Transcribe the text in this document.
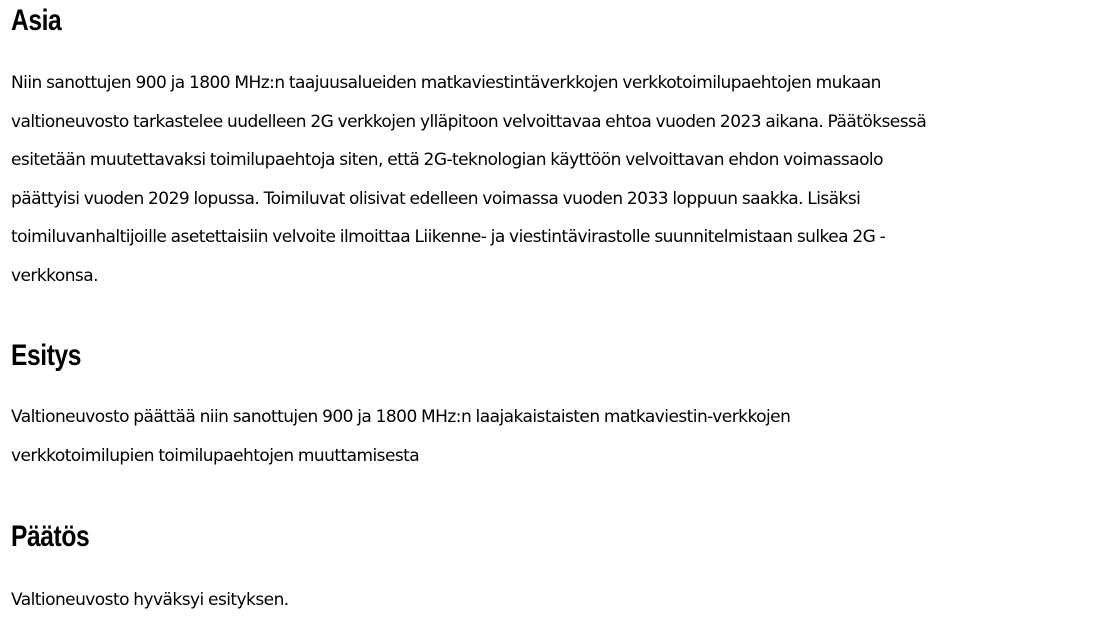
Asia
Niin sanottujen 900 ja 1800 MHz:n taajuusalueiden matkaviestintäverkkojen verkkotoimilupaehtojen mukaan
valtioneuvosto tarkastelee uudelleen 2G verkkojen ylläpitoon velvoittavaa ehtoa vuoden 2023 aikana. Päätöksessä
esitetään muutettavaksi toimilupaehtoja siten, että 2G-teknologian käyttöön velvoittavan ehdon voimassaolo
päättyisi vuoden 2029 lopussa. Toimiluvat olisivat edelleen voimassa vuoden 2033 loppuun saakka. Lisäksi
toimiluvanhaltijoille asetettaisiin velvoite ilmoittaa Liikenne- ja viestintävirastolle suunnitelmistaan sulkea 2G -
verkkonsa.
Esitys
Valtioneuvosto päättää niin sanottujen 900 ja 1800 MHz:n laajakaistaisten matkaviestin-verkkojen
verkkotoimilupien toimilupaehtojen muuttamisesta
Päätös
Valtioneuvosto hyväksyi esityksen.
